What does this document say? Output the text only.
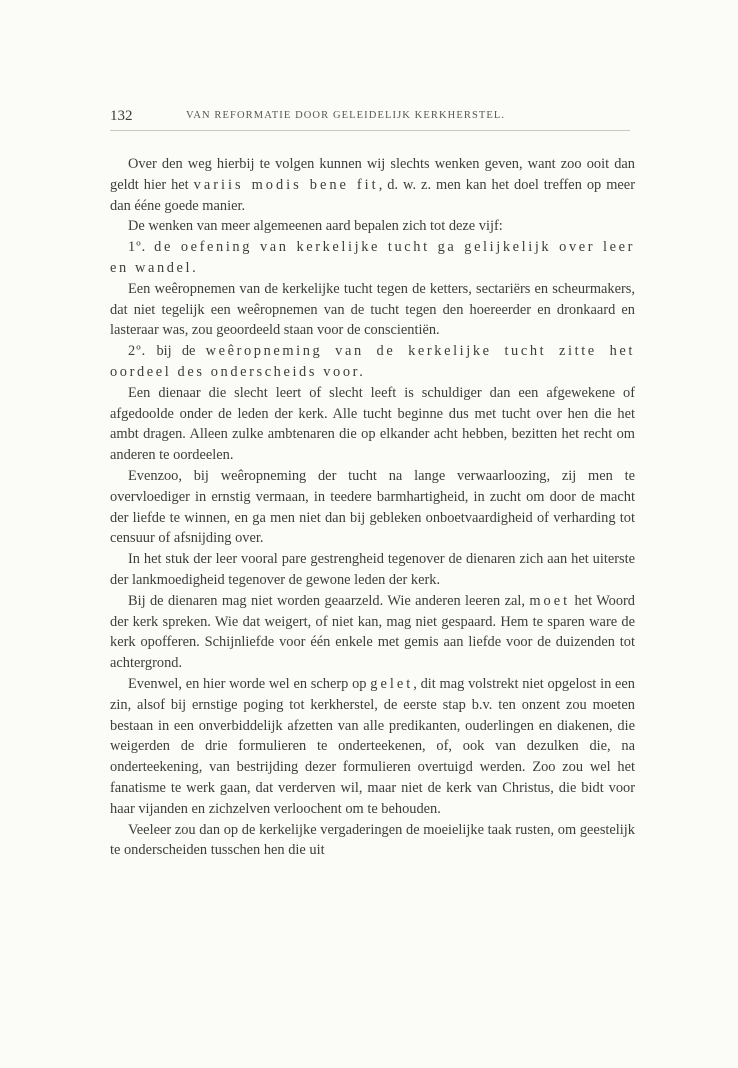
132	VAN REFORMATIE DOOR GELEIDELIJK KERKHERSTEL.

Over den weg hierbij te volgen kunnen wij slechts wenken geven, want zoo ooit dan geldt hier het variis modis bene fit, d. w. z. men kan het doel treffen op meer dan ééne goede manier.

De wenken van meer algemeenen aard bepalen zich tot deze vijf:

1º. de oefening van kerkelijke tucht ga gelijkelijk over leer en wandel.

Een weêropnemen van de kerkelijke tucht tegen de ketters, sectariërs en scheurmakers, dat niet tegelijk een weêropnemen van de tucht tegen den hoereerder en dronkaard en lasteraar was, zou geoordeeld staan voor de conscientiën.

2º. bij de weêropneming van de kerkelijke tucht zitte het oordeel des onderscheids voor.

Een dienaar die slecht leert of slecht leeft is schuldiger dan een afgewekene of afgedoolde onder de leden der kerk. Alle tucht beginne dus met tucht over hen die het ambt dragen. Alleen zulke ambtenaren die op elkander acht hebben, bezitten het recht om anderen te oordeelen.

Evenzoo, bij weêropneming der tucht na lange verwaarloozing, zij men te overvloediger in ernstig vermaan, in teedere barmhartigheid, in zucht om door de macht der liefde te winnen, en ga men niet dan bij gebleken onboetvaardigheid of verharding tot censuur of afsnijding over.

In het stuk der leer vooral pare gestrengheid tegenover de dienaren zich aan het uiterste der lankmoedigheid tegenover de gewone leden der kerk.

Bij de dienaren mag niet worden geaarzeld. Wie anderen leeren zal, moet het Woord der kerk spreken. Wie dat weigert, of niet kan, mag niet gespaard. Hem te sparen ware de kerk opofferen. Schijnliefde voor één enkele met gemis aan liefde voor de duizenden tot achtergrond.

Evenwel, en hier worde wel en scherp op gelet, dit mag volstrekt niet opgelost in een zin, alsof bij ernstige poging tot kerkherstel, de eerste stap b.v. ten onzent zou moeten bestaan in een onverbiddelijk afzetten van alle predikanten, ouderlingen en diakenen, die weigerden de drie formulieren te onderteekenen, of, ook van dezulken die, na onderteekening, van bestrijding dezer formulieren overtuigd werden. Zoo zou wel het fanatisme te werk gaan, dat verderven wil, maar niet de kerk van Christus, die bidt voor haar vijanden en zichzelven verloochent om te behouden.

Veeleer zou dan op de kerkelijke vergaderingen de moeielijke taak rusten, om geestelijk te onderscheiden tusschen hen die uit
